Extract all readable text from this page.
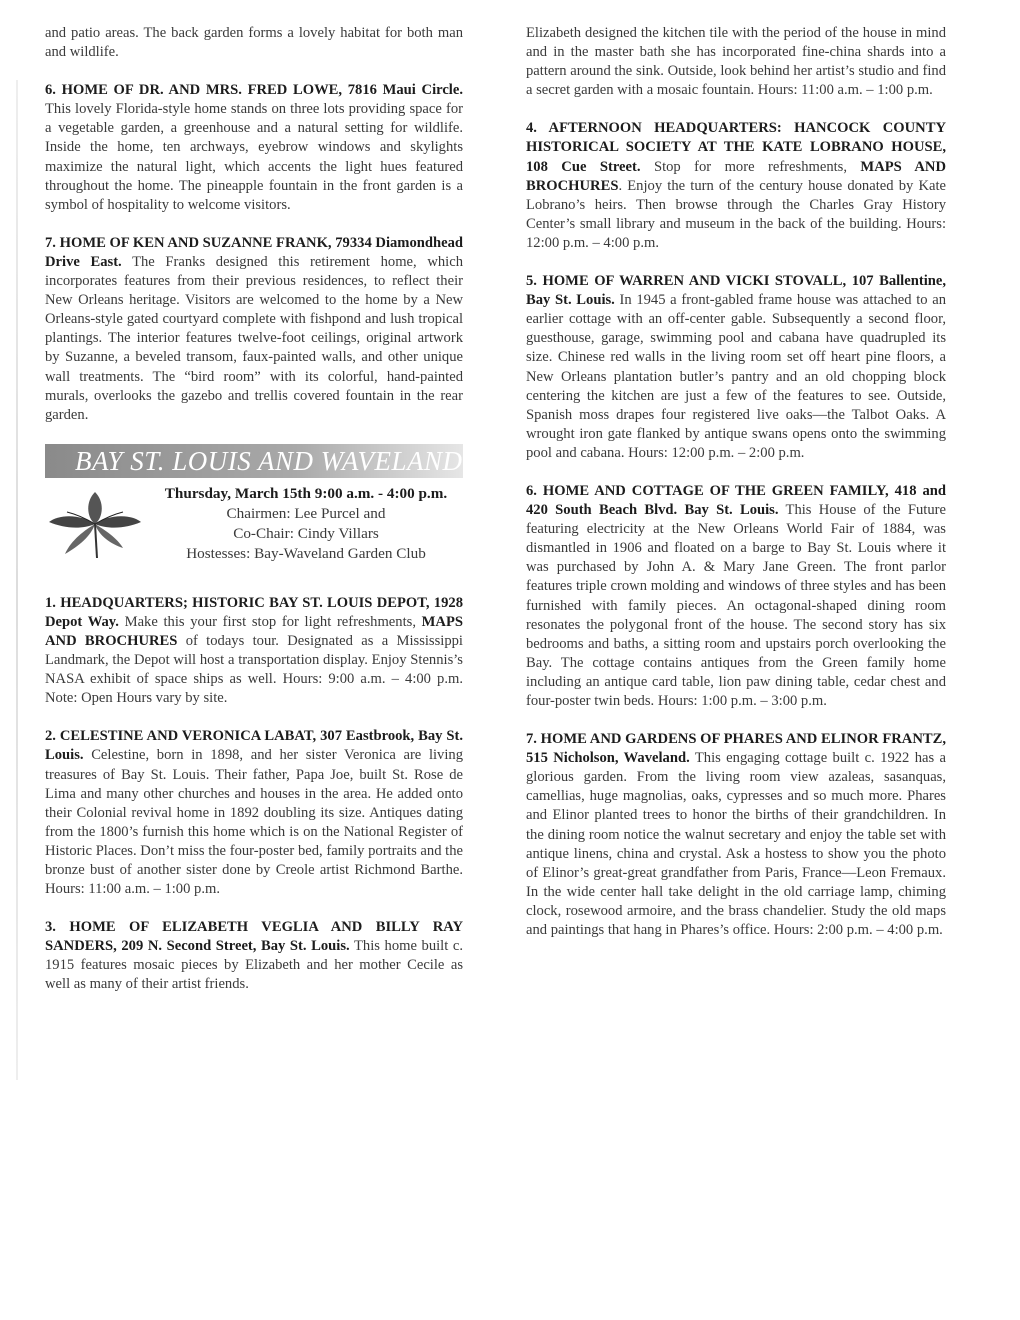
and patio areas. The back garden forms a lovely habitat for both man and wildlife.

6. HOME OF DR. AND MRS. FRED LOWE, 7816 Maui Circle. This lovely Florida-style home stands on three lots providing space for a vegetable garden, a greenhouse and a natural setting for wildlife. Inside the home, ten archways, eyebrow windows and skylights maximize the natural light, which accents the light hues featured throughout the home. The pineapple fountain in the front garden is a symbol of hospitality to welcome visitors.

7. HOME OF KEN AND SUZANNE FRANK, 79334 Diamondhead Drive East. The Franks designed this retirement home, which incorporates features from their previous residences, to reflect their New Orleans heritage. Visitors are welcomed to the home by a New Orleans-style gated courtyard complete with fishpond and lush tropical plantings. The interior features twelve-foot ceilings, original artwork by Suzanne, a beveled transom, faux-painted walls, and other unique wall treatments. The “bird room” with its colorful, hand-painted murals, overlooks the gazebo and trellis covered fountain in the rear garden.

BAY ST. LOUIS AND WAVELAND
Thursday, March 15th 9:00 a.m. - 4:00 p.m.
Chairmen: Lee Purcel and
Co-Chair: Cindy Villars
Hostesses: Bay-Waveland Garden Club

1. HEADQUARTERS; HISTORIC BAY ST. LOUIS DEPOT, 1928 Depot Way. Make this your first stop for light refreshments, MAPS AND BROCHURES of todays tour. Designated as a Mississippi Landmark, the Depot will host a transportation display. Enjoy Stennis’s NASA exhibit of space ships as well. Hours: 9:00 a.m. – 4:00 p.m. Note: Open Hours vary by site.

2. CELESTINE AND VERONICA LABAT, 307 Eastbrook, Bay St. Louis. Celestine, born in 1898, and her sister Veronica are living treasures of Bay St. Louis. Their father, Papa Joe, built St. Rose de Lima and many other churches and houses in the area. He added onto their Colonial revival home in 1892 doubling its size. Antiques dating from the 1800’s furnish this home which is on the National Register of Historic Places. Don’t miss the four-poster bed, family portraits and the bronze bust of another sister done by Creole artist Richmond Barthe. Hours: 11:00 a.m. – 1:00 p.m.

3. HOME OF ELIZABETH VEGLIA AND BILLY RAY SANDERS, 209 N. Second Street, Bay St. Louis. This home built c. 1915 features mosaic pieces by Elizabeth and her mother Cecile as well as many of their artist friends.

Elizabeth designed the kitchen tile with the period of the house in mind and in the master bath she has incorporated fine-china shards into a pattern around the sink. Outside, look behind her artist’s studio and find a secret garden with a mosaic fountain. Hours: 11:00 a.m. – 1:00 p.m.

4. AFTERNOON HEADQUARTERS: HANCOCK COUNTY HISTORICAL SOCIETY AT THE KATE LOBRANO HOUSE, 108 Cue Street. Stop for more refreshments, MAPS AND BROCHURES. Enjoy the turn of the century house donated by Kate Lobrano’s heirs. Then browse through the Charles Gray History Center’s small library and museum in the back of the building. Hours: 12:00 p.m. – 4:00 p.m.

5. HOME OF WARREN AND VICKI STOVALL, 107 Ballentine, Bay St. Louis. In 1945 a front-gabled frame house was attached to an earlier cottage with an off-center gable. Subsequently a second floor, guesthouse, garage, swimming pool and cabana have quadrupled its size. Chinese red walls in the living room set off heart pine floors, a New Orleans plantation butler’s pantry and an old chopping block centering the kitchen are just a few of the features to see. Outside, Spanish moss drapes four registered live oaks—the Talbot Oaks. A wrought iron gate flanked by antique swans opens onto the swimming pool and cabana. Hours: 12:00 p.m. – 2:00 p.m.

6. HOME AND COTTAGE OF THE GREEN FAMILY, 418 and 420 South Beach Blvd. Bay St. Louis. This House of the Future featuring electricity at the New Orleans World Fair of 1884, was dismantled in 1906 and floated on a barge to Bay St. Louis where it was purchased by John A. & Mary Jane Green. The front parlor features triple crown molding and windows of three styles and has been furnished with family pieces. An octagonal-shaped dining room resonates the polygonal front of the house. The second story has six bedrooms and baths, a sitting room and upstairs porch overlooking the Bay. The cottage contains antiques from the Green family home including an antique card table, lion paw dining table, cedar chest and four-poster twin beds. Hours: 1:00 p.m. – 3:00 p.m.

7. HOME AND GARDENS OF PHARES AND ELINOR FRANTZ, 515 Nicholson, Waveland. This engaging cottage built c. 1922 has a glorious garden. From the living room view azaleas, sasanquas, camellias, huge magnolias, oaks, cypresses and so much more. Phares and Elinor planted trees to honor the births of their grandchildren. In the dining room notice the walnut secretary and enjoy the table set with antique linens, china and crystal. Ask a hostess to show you the photo of Elinor’s great-great grandfather from Paris, France—Leon Fremaux. In the wide center hall take delight in the old carriage lamp, chiming clock, rosewood armoire, and the brass chandelier. Study the old maps and paintings that hang in Phares’s office. Hours: 2:00 p.m. – 4:00 p.m.
